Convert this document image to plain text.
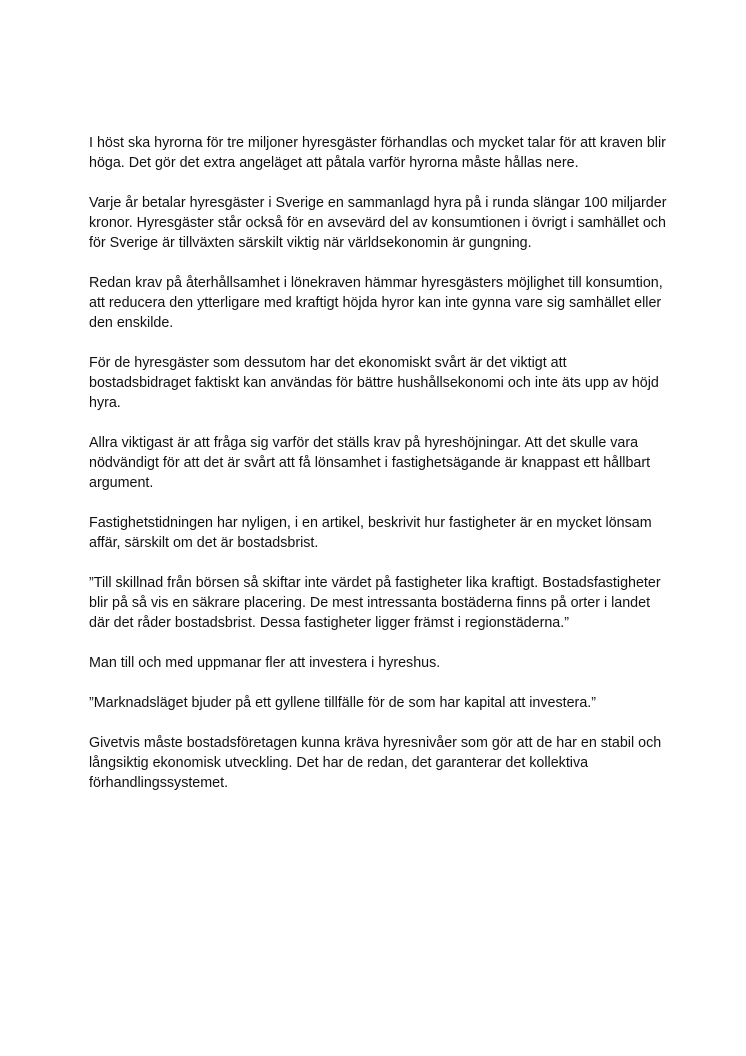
I höst ska hyrorna för tre miljoner hyresgäster förhandlas och mycket talar för att kraven blir höga. Det gör det extra angeläget att påtala varför hyrorna måste hållas nere.

Varje år betalar hyresgäster i Sverige en sammanlagd hyra på i runda slängar 100 miljarder kronor. Hyresgäster står också för en avsevärd del av konsumtionen i övrigt i samhället och för Sverige är tillväxten särskilt viktig när världsekonomin är gungning.

Redan krav på återhållsamhet i lönekraven hämmar hyresgästers möjlighet till konsumtion, att reducera den ytterligare med kraftigt höjda hyror kan inte gynna vare sig samhället eller den enskilde.

För de hyresgäster som dessutom har det ekonomiskt svårt är det viktigt att bostadsbidraget faktiskt kan användas för bättre hushållsekonomi och inte äts upp av höjd hyra.

Allra viktigast är att fråga sig varför det ställs krav på hyreshöjningar. Att det skulle vara nödvändigt för att det är svårt att få lönsamhet i fastighetsägande är knappast ett hållbart argument.

Fastighetstidningen har nyligen, i en artikel, beskrivit hur fastigheter är en mycket lönsam affär, särskilt om det är bostadsbrist.

”Till skillnad från börsen så skiftar inte värdet på fastigheter lika kraftigt. Bostadsfastigheter blir på så vis en säkrare placering. De mest intressanta bostäderna finns på orter i landet där det råder bostadsbrist. Dessa fastigheter ligger främst i regionstäderna.”

Man till och med uppmanar fler att investera i hyreshus.

”Marknadsläget bjuder på ett gyllene tillfälle för de som har kapital att investera.”

Givetvis måste bostadsföretagen kunna kräva hyresnivåer som gör att de har en stabil och långsiktig ekonomisk utveckling. Det har de redan, det garanterar det kollektiva förhandlingssystemet.
